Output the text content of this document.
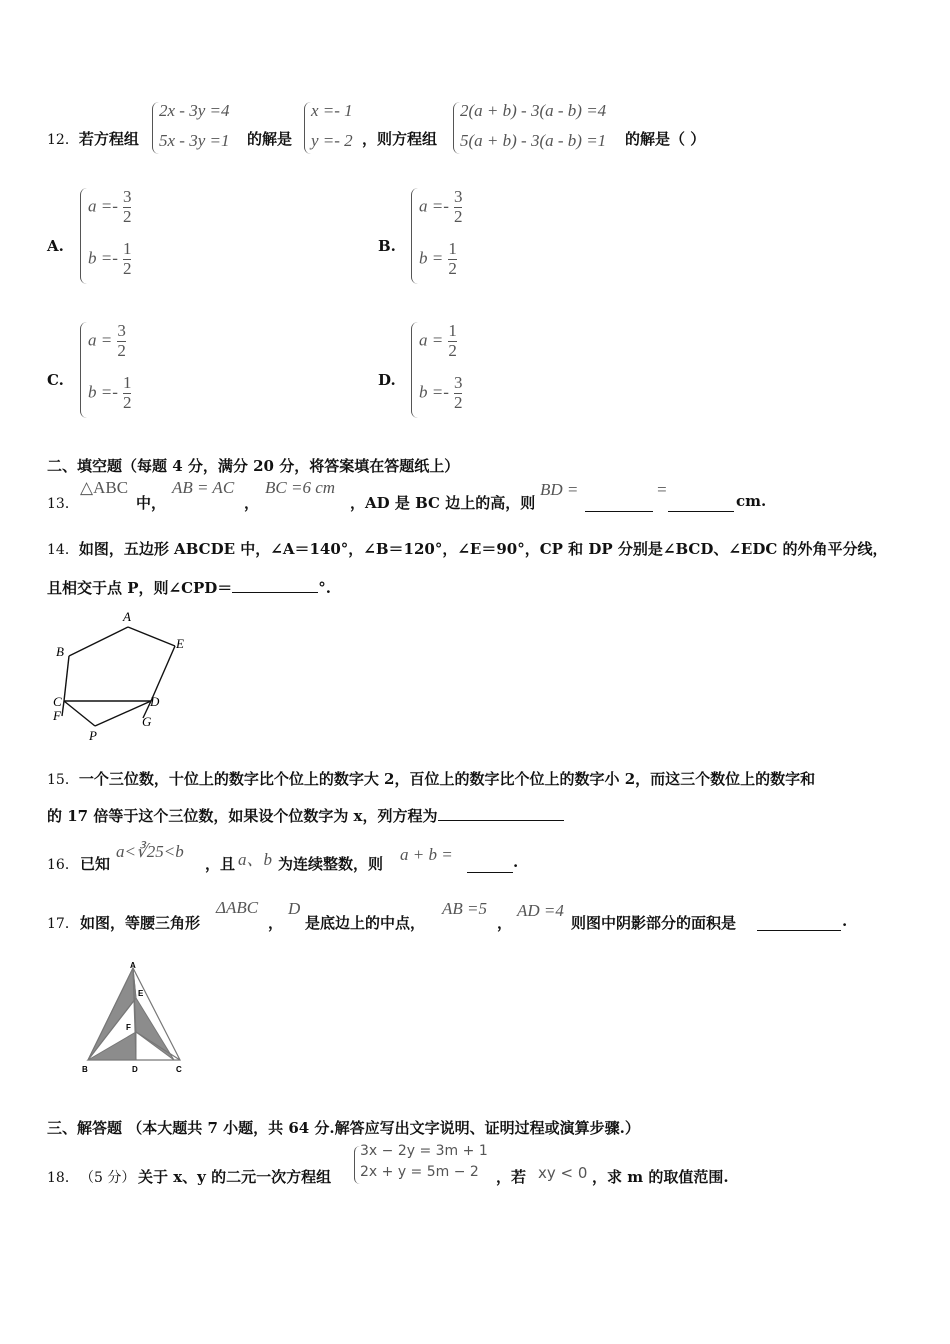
12．若方程组
2x - 3y =4
5x - 3y =1 的解是
x =- 1
y =- 2 ，则方程组
2(a + b) - 3(a - b) =4
5(a + b) - 3(a - b) =1 的解是（ ）
A.
$a =- \frac{3}{2}$
$b =- \frac{1}{2}$	B.
$a =- \frac{3}{2}$
$b = \frac{1}{2}$
C.
$a = \frac{3}{2}$
$b =- \frac{1}{2}$	D.
$a = \frac{1}{2}$
$b =- \frac{3}{2}$
二、填空题（每题 4 分，满分 20 分，将答案填在答题纸上）
13．
△ABC
中，
AB = AC
，
BC =6 cm
，AD 是 BC 边上的高，则
BD =	=
cm.
14．如图，五边形 ABCDE 中，∠A＝140°，∠B＝120°，∠E＝90°，CP 和 DP 分别是∠BCD、∠EDC 的外角平分线，
且相交于点 P，则∠CPD＝	°.
A
B
E
C	D
F	G
P
15．一个三位数，十位上的数字比个位上的数字大 2，百位上的数字比个位上的数字小 2，而这三个数位上的数字和
的 17 倍等于这个三位数，如果设个位数字为 x，列方程为
16． 已知
a<∛25<b
，且 a、b 为连续整数，则 a + b =	.
17． 如图，等腰三角形
ΔABC
，
D
是底边上的中点，
AB =5
，
AD =4
则图中阴影部分的面积是	.
A
E
F
B	D	C
三、解答题 （本大题共 7 小题，共 64 分.解答应写出文字说明、证明过程或演算步骤.）
18． （5 分） 关于 x、y 的二元一次方程组
3x − 2y = 3m + 1
2x + y = 5m − 2 ，若 xy < 0 ，求 m 的取值范围.
